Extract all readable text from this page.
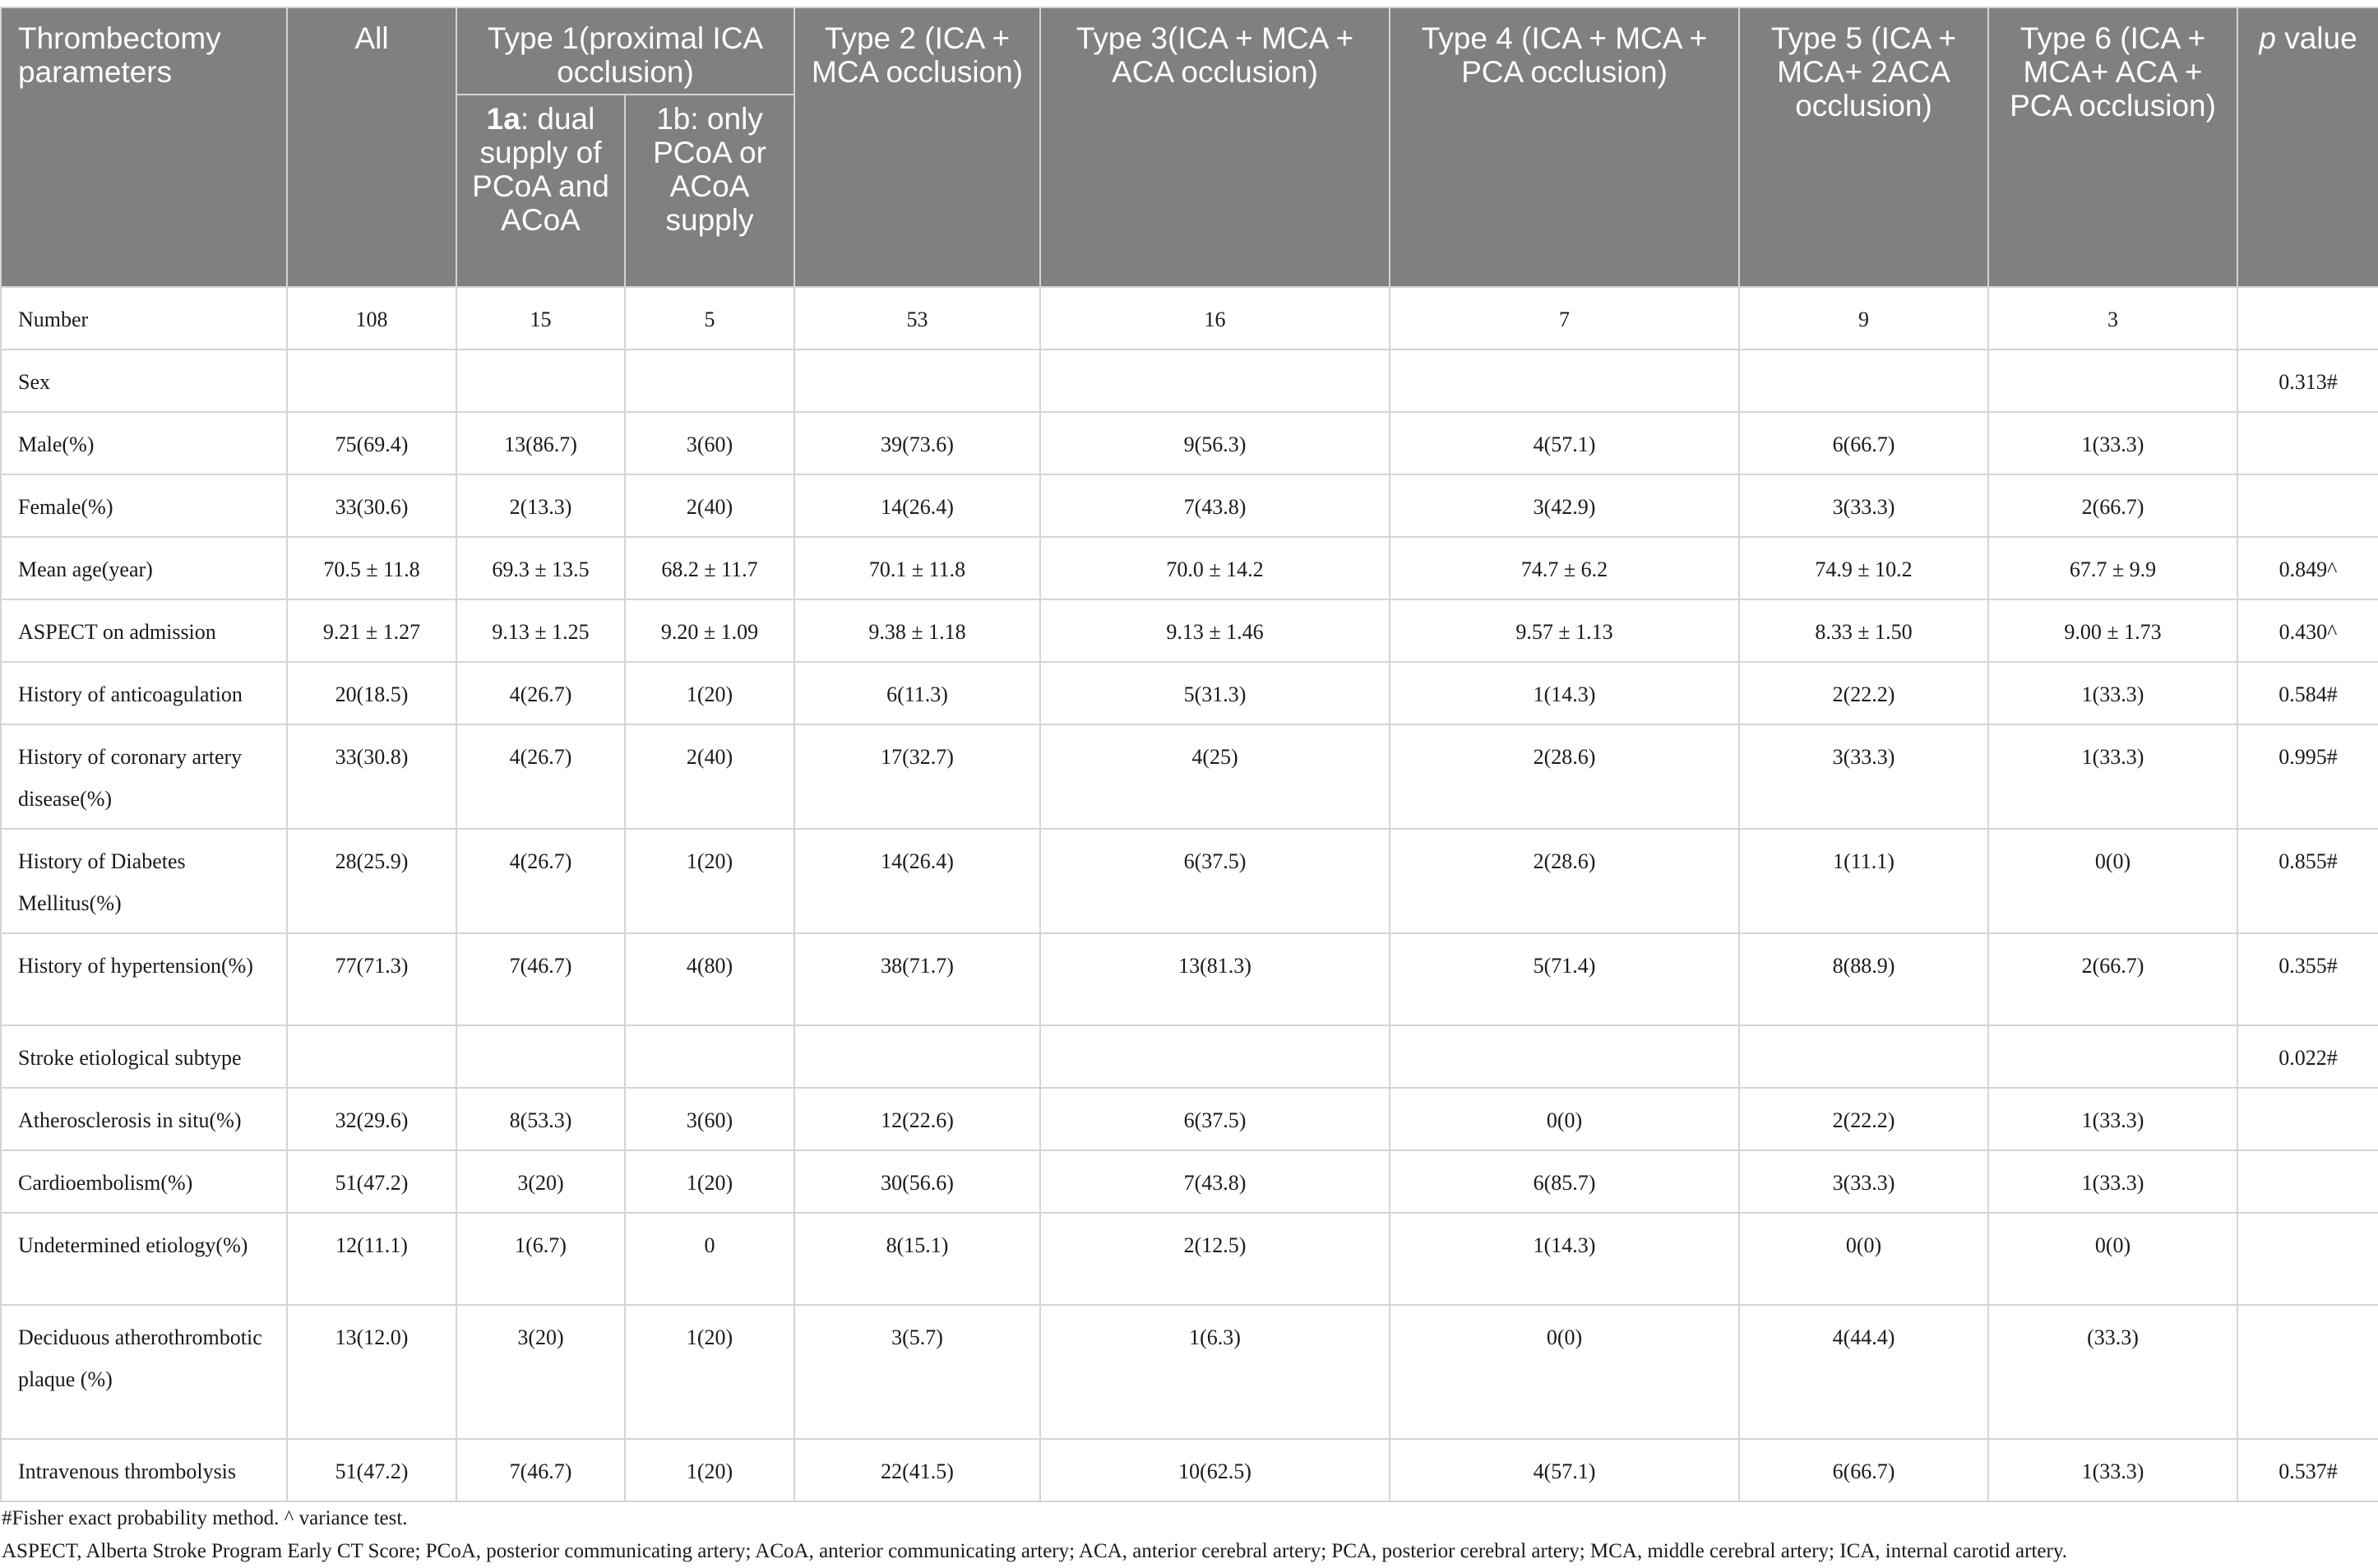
Thrombectomy parameters	All	Type 1(proximal ICA occlusion)		Type 2 (ICA + MCA occlusion)	Type 3(ICA + MCA + ACA occlusion)	Type 4 (ICA + MCA + PCA occlusion)	Type 5 (ICA + MCA+ 2ACA occlusion)	Type 6 (ICA + MCA+ ACA + PCA occlusion)	p value
		1a: dual supply of PCoA and ACoA	1b: only PCoA or ACoA supply						
Number	108	15	5	53	16	7	9	3	
Sex									0.313#
Male(%)	75(69.4)	13(86.7)	3(60)	39(73.6)	9(56.3)	4(57.1)	6(66.7)	1(33.3)	
Female(%)	33(30.6)	2(13.3)	2(40)	14(26.4)	7(43.8)	3(42.9)	3(33.3)	2(66.7)	
Mean age(year)	70.5 ± 11.8	69.3 ± 13.5	68.2 ± 11.7	70.1 ± 11.8	70.0 ± 14.2	74.7 ± 6.2	74.9 ± 10.2	67.7 ± 9.9	0.849^
ASPECT on admission	9.21 ± 1.27	9.13 ± 1.25	9.20 ± 1.09	9.38 ± 1.18	9.13 ± 1.46	9.57 ± 1.13	8.33 ± 1.50	9.00 ± 1.73	0.430^
History of anticoagulation	20(18.5)	4(26.7)	1(20)	6(11.3)	5(31.3)	1(14.3)	2(22.2)	1(33.3)	0.584#
History of coronary artery disease(%)	33(30.8)	4(26.7)	2(40)	17(32.7)	4(25)	2(28.6)	3(33.3)	1(33.3)	0.995#
History of Diabetes Mellitus(%)	28(25.9)	4(26.7)	1(20)	14(26.4)	6(37.5)	2(28.6)	1(11.1)	0(0)	0.855#
History of hypertension(%)	77(71.3)	7(46.7)	4(80)	38(71.7)	13(81.3)	5(71.4)	8(88.9)	2(66.7)	0.355#
Stroke etiological subtype									0.022#
Atherosclerosis in situ(%)	32(29.6)	8(53.3)	3(60)	12(22.6)	6(37.5)	0(0)	2(22.2)	1(33.3)	
Cardioembolism(%)	51(47.2)	3(20)	1(20)	30(56.6)	7(43.8)	6(85.7)	3(33.3)	1(33.3)	
Undetermined etiology(%)	12(11.1)	1(6.7)	0	8(15.1)	2(12.5)	1(14.3)	0(0)	0(0)	
Deciduous atherothrombotic plaque (%)	13(12.0)	3(20)	1(20)	3(5.7)	1(6.3)	0(0)	4(44.4)	(33.3)	
Intravenous thrombolysis	51(47.2)	7(46.7)	1(20)	22(41.5)	10(62.5)	4(57.1)	6(66.7)	1(33.3)	0.537#

#Fisher exact probability method. ^ variance test.

ASPECT, Alberta Stroke Program Early CT Score; PCoA, posterior communicating artery; ACoA, anterior communicating artery; ACA, anterior cerebral artery; PCA, posterior cerebral artery; MCA, middle cerebral artery; ICA, internal carotid artery.
